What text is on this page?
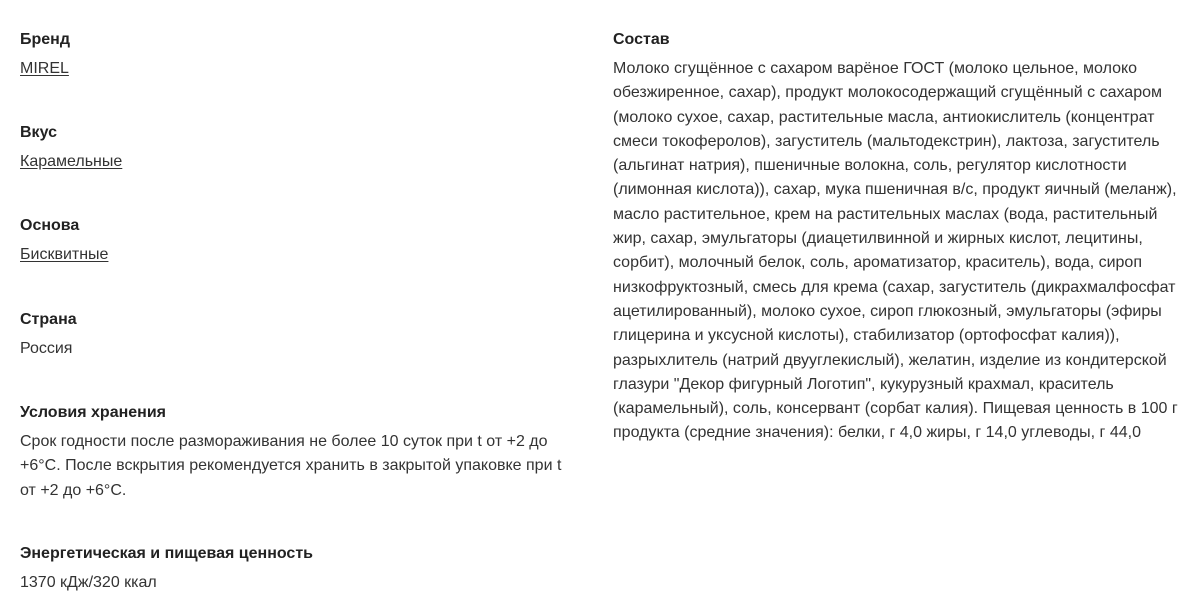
Бренд
MIREL
Вкус
Карамельные
Основа
Бисквитные
Страна
Россия
Условия хранения
Срок годности после размораживания не более 10 суток при t от +2 до +6°С. После вскрытия рекомендуется хранить в закрытой упаковке при t от +2 до +6°С.
Энергетическая и пищевая ценность
1370 кДж/320 ккал
Состав
Молоко сгущённое с сахаром варёное ГОСТ (молоко цельное, молоко обезжиренное, сахар), продукт молокосодержащий сгущённый с сахаром (молоко сухое, сахар, растительные масла, антиокислитель (концентрат смеси токоферолов), загуститель (мальтодекстрин), лактоза, загуститель (альгинат натрия), пшеничные волокна, соль, регулятор кислотности (лимонная кислота)), сахар, мука пшеничная в/с, продукт яичный (меланж), масло растительное, крем на растительных маслах (вода, растительный жир, сахар, эмульгаторы (диацетилвинной и жирных кислот, лецитины, сорбит), молочный белок, соль, ароматизатор, краситель), вода, сироп низкофруктозный, смесь для крема (сахар, загуститель (дикрахмалфосфат ацетилированный), молоко сухое, сироп глюкозный, эмульгаторы (эфиры глицерина и уксусной кислоты), стабилизатор (ортофосфат калия)), разрыхлитель (натрий двууглекислый), желатин, изделие из кондитерской глазури "Декор фигурный Логотип", кукурузный крахмал, краситель (карамельный), соль, консервант (сорбат калия). Пищевая ценность в 100 г продукта (средние значения): белки, г 4,0 жиры, г 14,0 углеводы, г 44,0
